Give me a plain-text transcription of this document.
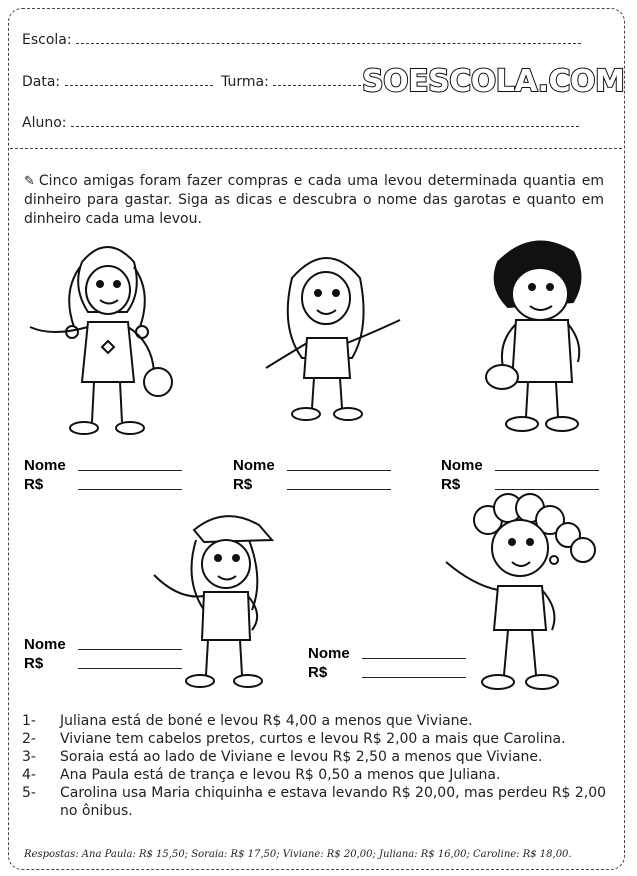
Escola:
Data:	Turma:	SOESCOLA.COM
Aluno:
✎ Cinco amigas foram fazer compras e cada uma levou determinada quantia em dinheiro para gastar. Siga as dicas e descubra o nome das garotas e quanto em dinheiro cada uma levou.
Nome
R$
Nome
R$
Nome
R$
Nome
R$
Nome
R$
1-	Juliana está de boné e levou R$ 4,00 a menos que Viviane.
2-	Viviane tem cabelos pretos, curtos e levou R$ 2,00 a mais que Carolina.
3-	Soraia está ao lado de Viviane e levou R$ 2,50 a menos que Viviane.
4-	Ana Paula está de trança e levou R$ 0,50 a menos que Juliana.
5-	Carolina usa Maria chiquinha e estava levando R$ 20,00, mas perdeu R$ 2,00 no ônibus.
Respostas: Ana Paula: R$ 15,50; Soraia: R$ 17,50; Viviane: R$ 20,00; Juliana: R$ 16,00; Caroline: R$ 18,00.
